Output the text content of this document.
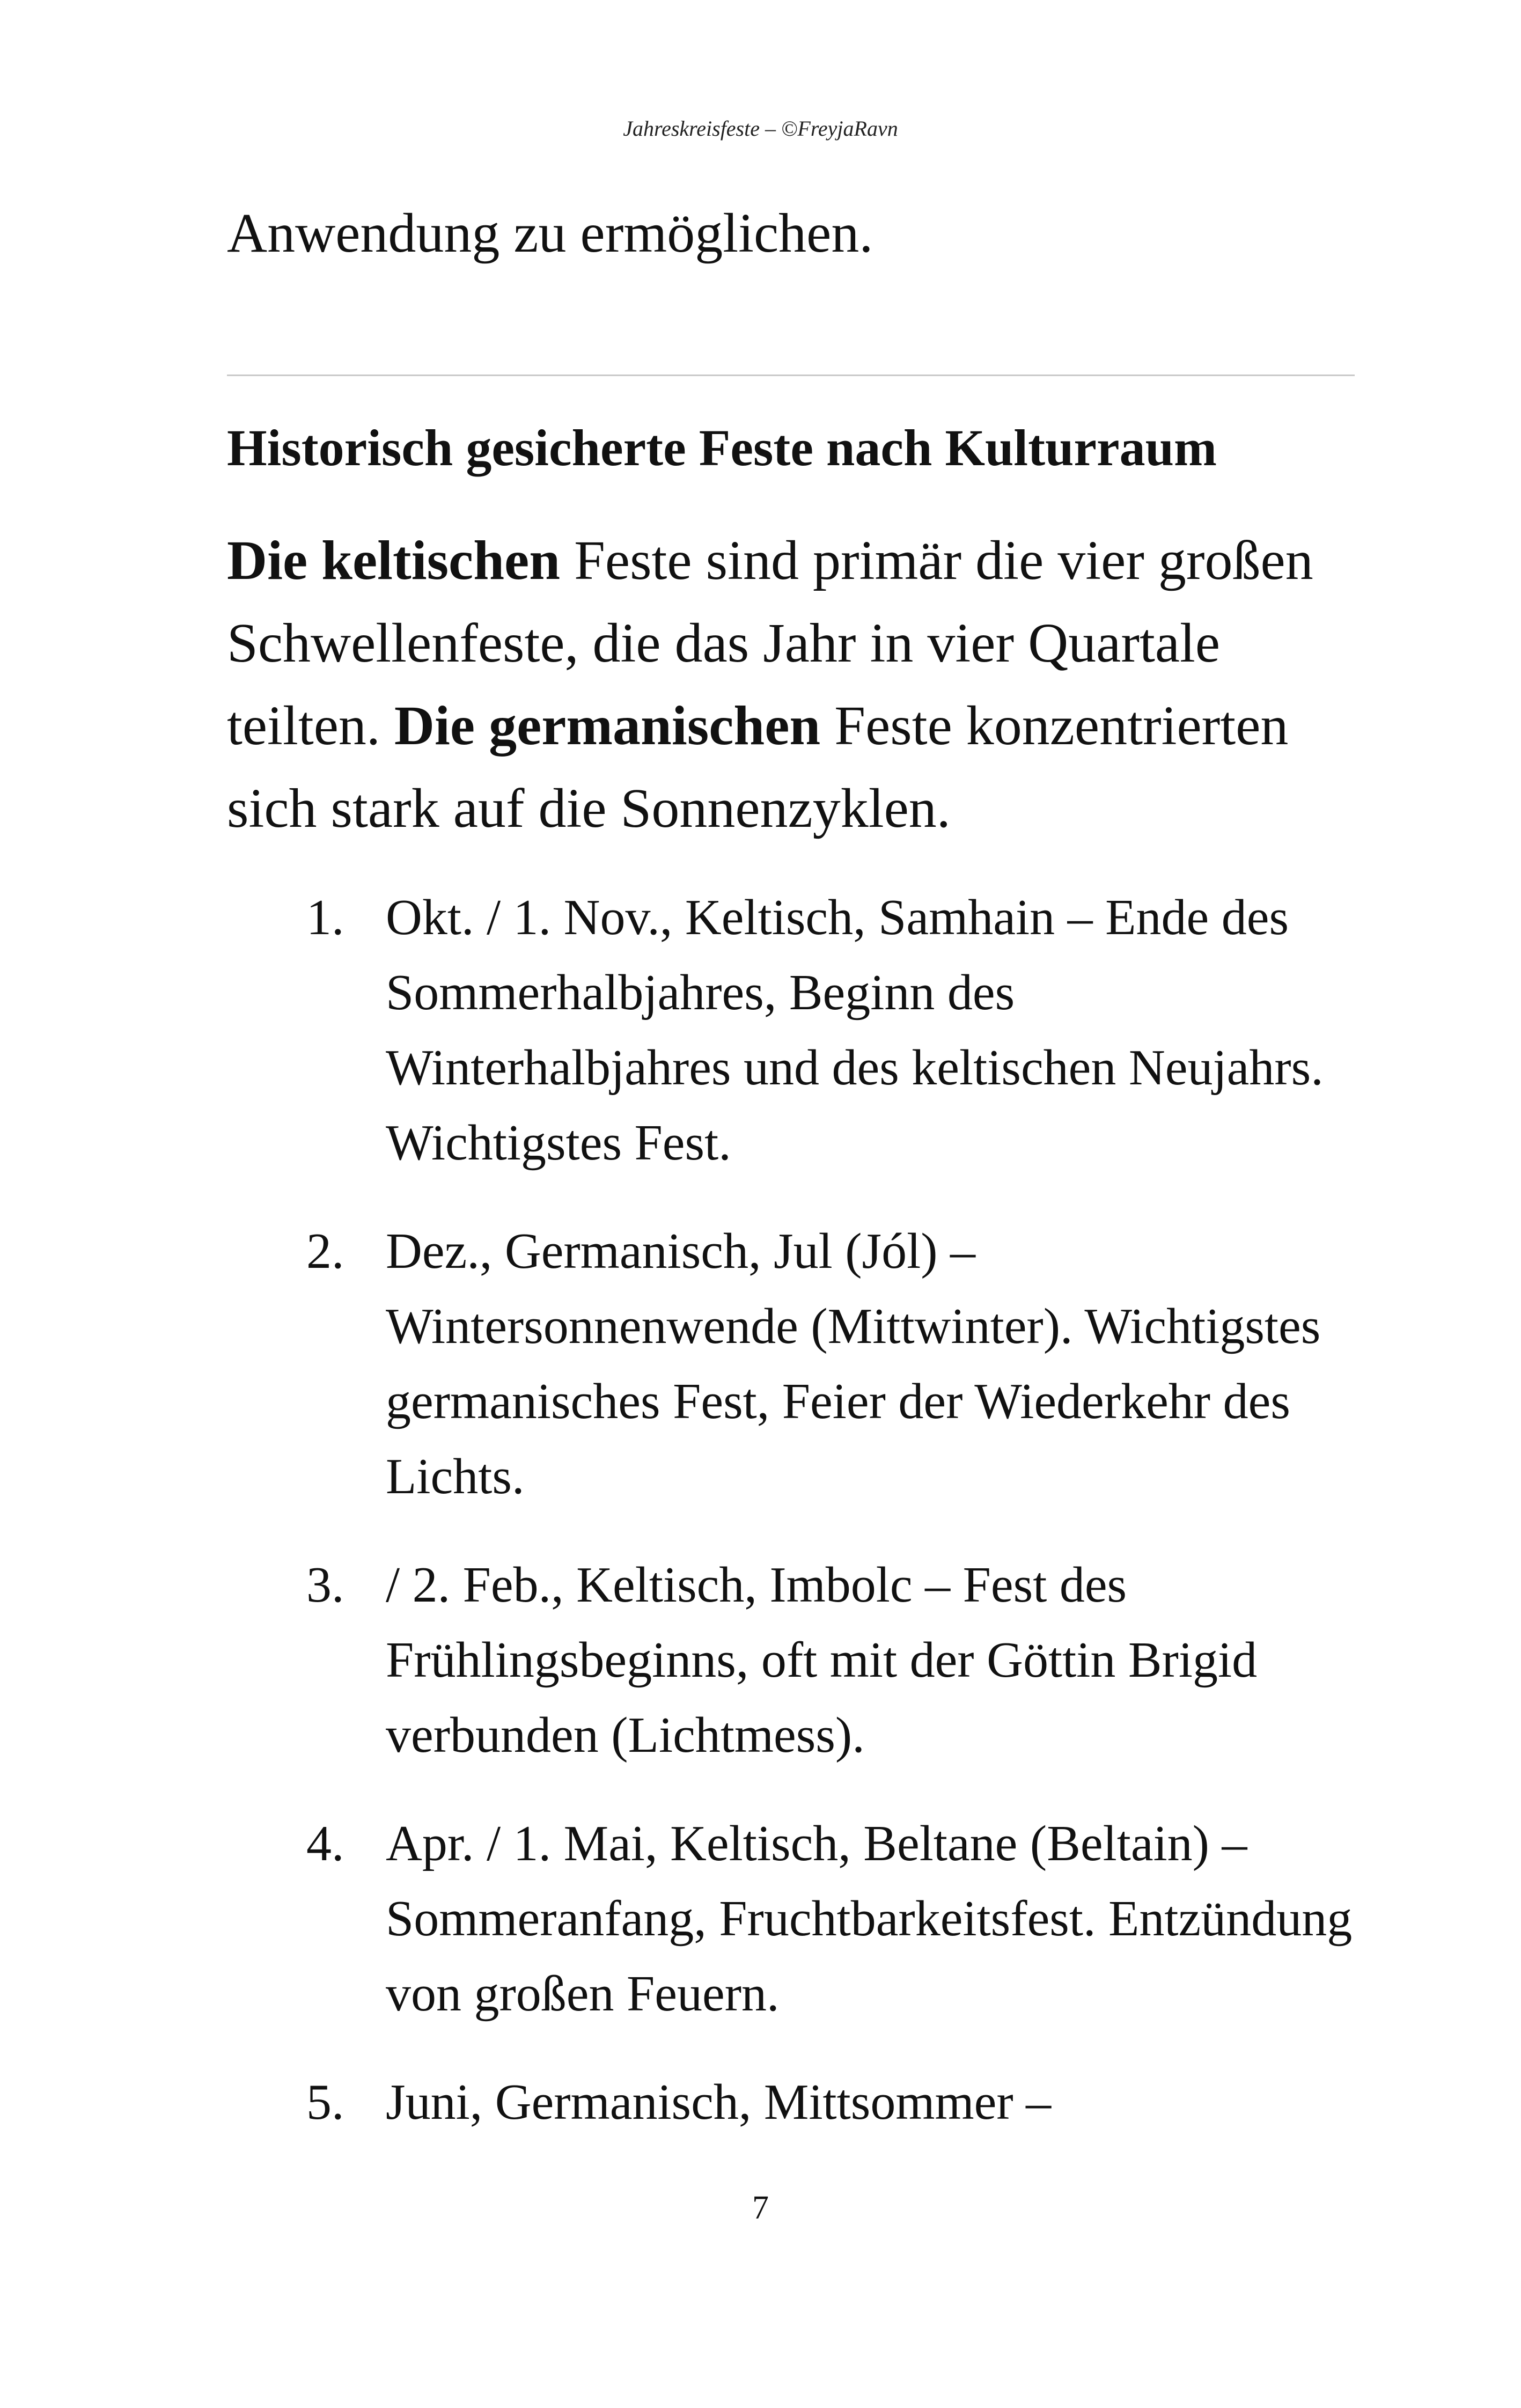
Jahreskreisfeste – ©FreyjaRavn

Anwendung zu ermöglichen.

Historisch gesicherte Feste nach Kulturraum

Die keltischen Feste sind primär die vier großen Schwellenfeste, die das Jahr in vier Quartale teilten. Die germanischen Feste konzentrierten sich stark auf die Sonnenzyklen.

1. Okt. / 1. Nov., Keltisch, Samhain – Ende des Sommerhalbjahres, Beginn des Winterhalbjahres und des keltischen Neujahrs. Wichtigstes Fest.
2. Dez., Germanisch, Jul (Jól) – Wintersonnenwende (Mittwinter). Wichtigstes germanisches Fest, Feier der Wiederkehr des Lichts.
3. / 2. Feb., Keltisch, Imbolc – Fest des Frühlingsbeginns, oft mit der Göttin Brigid verbunden (Lichtmess).
4. Apr. / 1. Mai, Keltisch, Beltane (Beltain) – Sommeranfang, Fruchtbarkeitsfest. Entzündung von großen Feuern.
5. Juni, Germanisch, Mittsommer –
7
